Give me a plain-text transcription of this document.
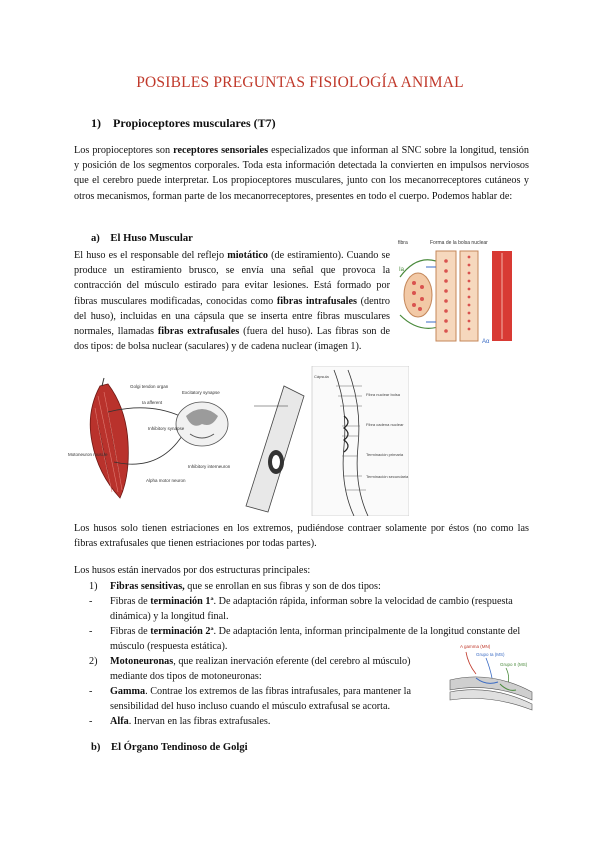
POSIBLES PREGUNTAS FISIOLOGÍA ANIMAL
1) Propioceptores musculares (T7)
Los propioceptores son receptores sensoriales especializados que informan al SNC sobre la longitud, tensión y posición de los segmentos corporales. Toda esta información detectada la convierten en impulsos nerviosos que el cerebro puede interpretar. Los propioceptores musculares, junto con los mecanorreceptores cutáneos y otros mecanismos, forman parte de los mecanorreceptores, presentes en todo el cuerpo. Podemos hablar de:
a) El Huso Muscular
El huso es el responsable del reflejo miotático (de estiramiento). Cuando se produce un estiramiento brusco, se envía una señal que provoca la contracción del músculo estirado para evitar lesiones. Está formado por fibras musculares modificadas, conocidas como fibras intrafusales (dentro del huso), incluidas en una cápsula que se inserta entre fibras musculares normales, llamadas fibras extrafusales (fuera del huso). Las fibras son de dos tipos: de bolsa nuclear (saculares) y de cadena nuclear (imagen 1).
fibra	Forma de la bolsa nuclear
Ia
Aα
Golgi tendon organ
Ia afferent
Excitatory synapse
Inhibitory synapse
Motoneuron muscle
Alpha motor neuron
Inhibitory interneuron
Cápsula
Fibra nuclear bolsa
Fibra cadena nuclear
Terminación primaria
Terminación secundaria
Los husos solo tienen estriaciones en los extremos, pudiéndose contraer solamente por éstos (no como las fibras extrafusales que tienen estriaciones por todas partes).
Los husos están inervados por dos estructuras principales:
1) Fibras sensitivas, que se enrollan en sus fibras y son de dos tipos:
- Fibras de terminación 1ª. De adaptación rápida, informan sobre la velocidad de cambio (respuesta dinámica) y la longitud final.
- Fibras de terminación 2ª. De adaptación lenta, informan principalmente de la longitud constante del músculo (respuesta estática).
2) Motoneuronas, que realizan inervación eferente (del cerebro al músculo) mediante dos tipos de motoneuronas:
- Gamma. Contrae los extremos de las fibras intrafusales, para mantener la sensibilidad del huso incluso cuando el músculo extrafusal se acorta.
- Alfa. Inervan en las fibras extrafusales.
A gamma (MN)
Grupo Ia (MS)
Grupo II (MS)
b) El Órgano Tendinoso de Golgi
